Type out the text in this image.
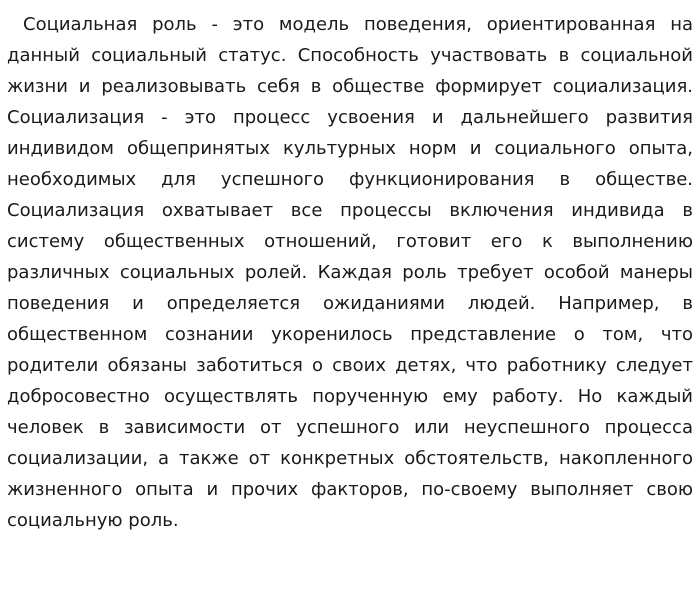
Социальная роль - это модель поведения, ориентированная на данный социальный статус. Способность участвовать в социальной жизни и реализовывать себя в обществе формирует социализация. Социализация - это процесс усвоения и дальнейшего развития индивидом общепринятых культурных норм и социального опыта, необходимых для успешного функционирования в обществе. Социализация охватывает все процессы включения индивида в систему общественных отношений, готовит его к выполнению различных социальных ролей. Каждая роль требует особой манеры поведения и определяется ожиданиями людей. Например, в общественном сознании укоренилось представление о том, что родители обязаны заботиться о своих детях, что работнику следует добросовестно осуществлять порученную ему работу. Но каждый человек в зависимости от успешного или неуспешного процесса социализации, а также от конкретных обстоятельств, накопленного жизненного опыта и прочих факторов, по-своему выполняет свою социальную роль.
